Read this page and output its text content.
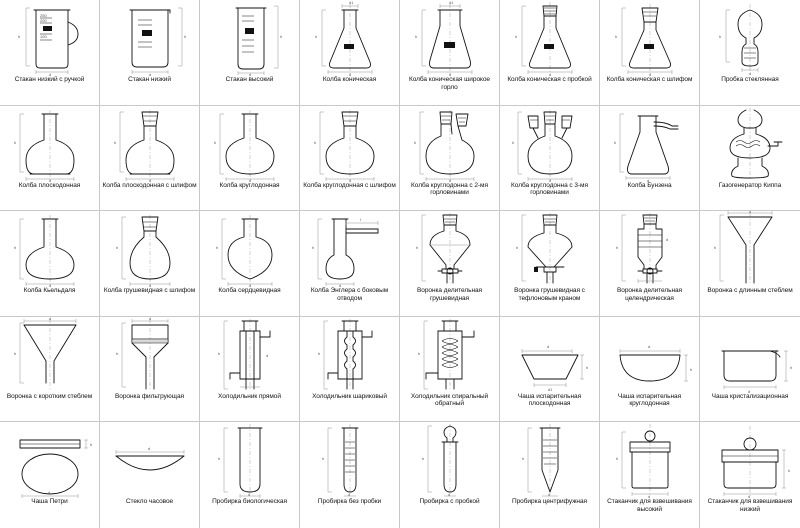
h
250
200
100
d
Стакан низкий с ручкой
h
d
Стакан низкий
h
d
Стакан высокий
h
d1
d
Колба коническая
h
d1
d
Колба коническая широкое горло
h
d
Колба коническая с пробкой
h
d
Колба коническая с шлифом
h
d
Пробка стеклянная
h
d
Колба плоскодонная
h
d
Колба плоскодонная с шлифом
h
d
Колба круглодонная
h
d
Колба круглодонная с шлифом
h
d
Колба круглодонна с 2-мя горловинами
h
d
Колба круглодонна с 3-мя горловинами
h
d
Колба Бунзена	Газогенератор Киппа
h
d
Колба Кьельдаля
h
d
Колба грушевидная с шлифом
h
d
Колба сердцевидная
h
l
d
Колба Энглера с боковым отводом
h
Воронка делительная грушевидная
h
Воронка грушевидная с тефлоновым краном
h
d
Воронка делительная целендрическая
h
d
Воронка с длинным стеблем
h
d
Воронка с коротким стеблем
h
d
Воронка фильтрующая
h	d
Холодильник прямой
h
Холодильник шариковый
h
Холодильник спиральный обратный
d
h
d1
Чаша испарительная плоскодонная
d
h
Чаша испарительная круглодонная
h
d
Чаша кристализационная
h
d
Чаша Петри
d
Стекло часовое
h
d
Пробирка биологическая
h
d
Пробирка без пробки
h
d
Пробирка с пробкой
h
d
Пробирка центрифужная
h
d
Стаканчик для взвешивания высокий
h
d
Стаканчик для взвешивания низкий
